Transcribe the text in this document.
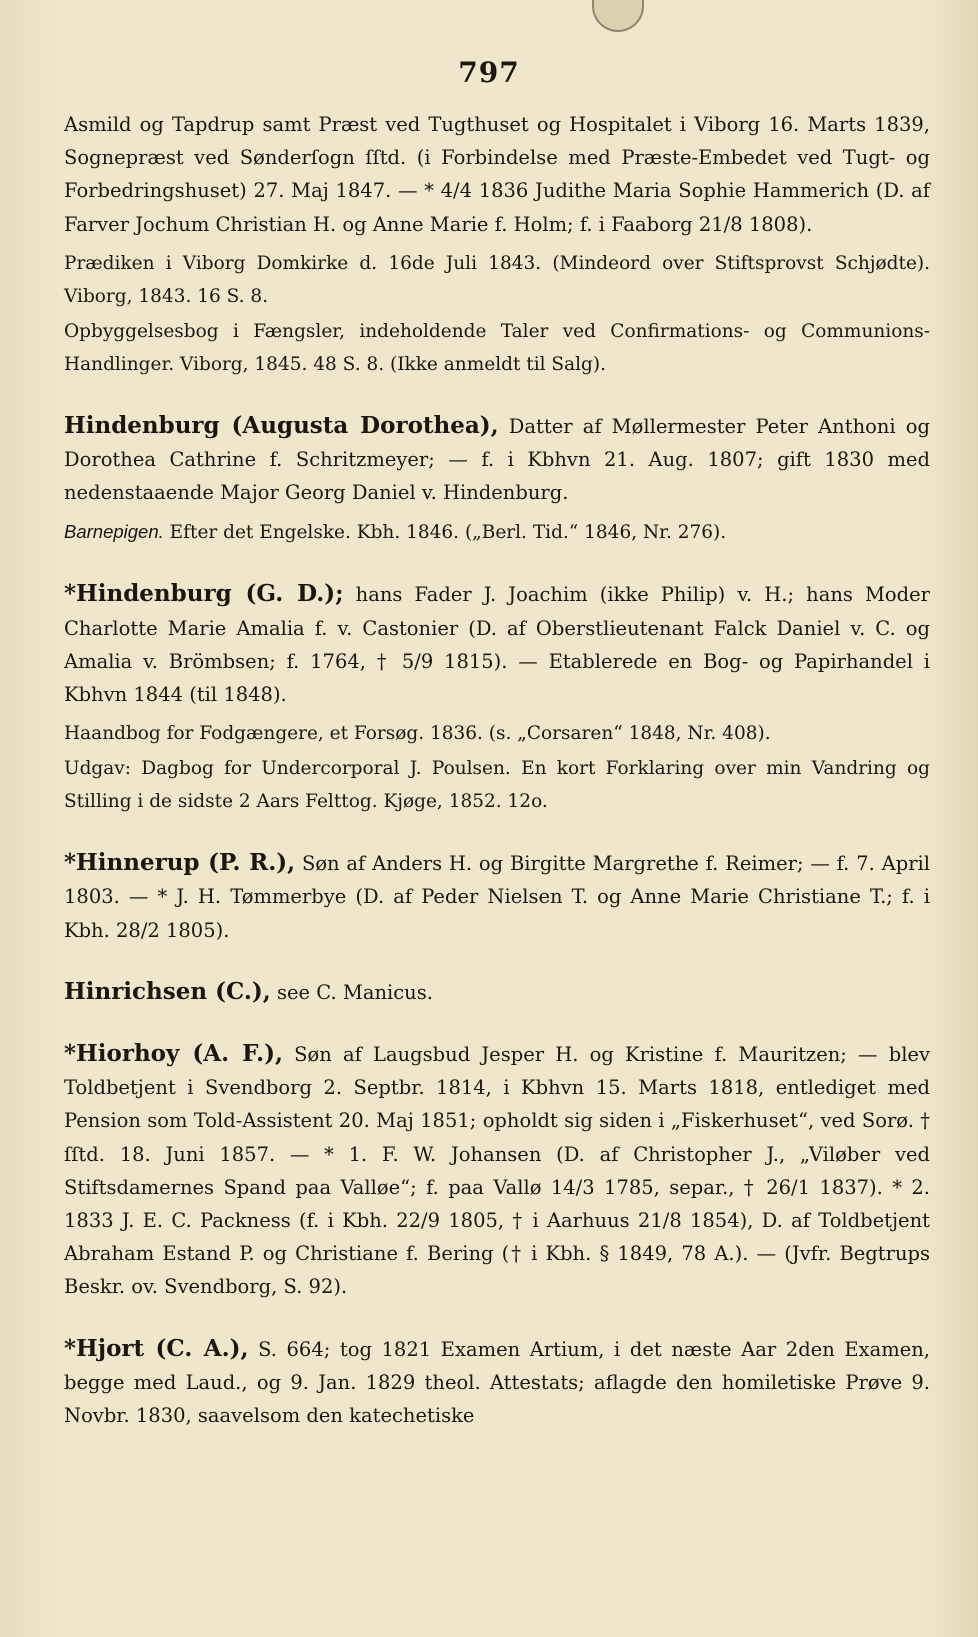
797

Asmild og Tapdrup samt Præst ved Tugthuset og Hospitalet i Viborg 16. Marts 1839, Sognepræst ved Sønderſogn ſſtd. (i Forbindelse med Præste-Embedet ved Tugt- og Forbedringshuset) 27. Maj 1847. — * 4/4 1836 Judithe Maria Sophie Hammerich (D. af Farver Jochum Christian H. og Anne Marie f. Holm; f. i Faaborg 21/8 1808).

Prædiken i Viborg Domkirke d. 16de Juli 1843. (Mindeord over Stiftsprovst Schjødte). Viborg, 1843. 16 S. 8.

Opbyggelsesbog i Fængsler, indeholdende Taler ved Confirmations- og Communions-Handlinger. Viborg, 1845. 48 S. 8. (Ikke anmeldt til Salg).

Hindenburg (Augusta Dorothea), Datter af Møllermester Peter Anthoni og Dorothea Cathrine f. Schritzmeyer; — f. i Kbhvn 21. Aug. 1807; gift 1830 med nedenstaaende Major Georg Daniel v. Hindenburg.

Barnepigen. Efter det Engelske. Kbh. 1846. („Berl. Tid.“ 1846, Nr. 276).

*Hindenburg (G. D.); hans Fader J. Joachim (ikke Philip) v. H.; hans Moder Charlotte Marie Amalia f. v. Castonier (D. af Oberstlieutenant Falck Daniel v. C. og Amalia v. Brömbsen; f. 1764, † 5/9 1815). — Etablerede en Bog- og Papirhandel i Kbhvn 1844 (til 1848).

Haandbog for Fodgængere, et Forsøg. 1836. (s. „Corsaren“ 1848, Nr. 408).

Udgav: Dagbog for Undercorporal J. Poulsen. En kort Forklaring over min Vandring og Stilling i de sidste 2 Aars Felttog. Kjøge, 1852. 12o.

*Hinnerup (P. R.), Søn af Anders H. og Birgitte Margrethe f. Reimer; — f. 7. April 1803. — * J. H. Tømmerbye (D. af Peder Nielsen T. og Anne Marie Christiane T.; f. i Kbh. 28/2 1805).

Hinrichsen (C.), see C. Manicus.

*Hiorhoy (A. F.), Søn af Laugsbud Jesper H. og Kristine f. Mauritzen; — blev Toldbetjent i Svendborg 2. Septbr. 1814, i Kbhvn 15. Marts 1818, entlediget med Pension som Told-Assistent 20. Maj 1851; opholdt sig siden i „Fiskerhuset“, ved Sorø. † ſſtd. 18. Juni 1857. — * 1. F. W. Johansen (D. af Christopher J., „Viløber ved Stiftsdamernes Spand paa Valløe“; f. paa Vallø 14/3 1785, separ., † 26/1 1837). * 2. 1833 J. E. C. Packness (f. i Kbh. 22/9 1805, † i Aarhuus 21/8 1854), D. af Toldbetjent Abraham Estand P. og Christiane f. Bering († i Kbh. § 1849, 78 A.). — (Jvfr. Begtrups Beskr. ov. Svendborg, S. 92).

*Hjort (C. A.), S. 664; tog 1821 Examen Artium, i det næste Aar 2den Examen, begge med Laud., og 9. Jan. 1829 theol. Attestats; aflagde den homiletiske Prøve 9. Novbr. 1830, saavelsom den katechetiske
